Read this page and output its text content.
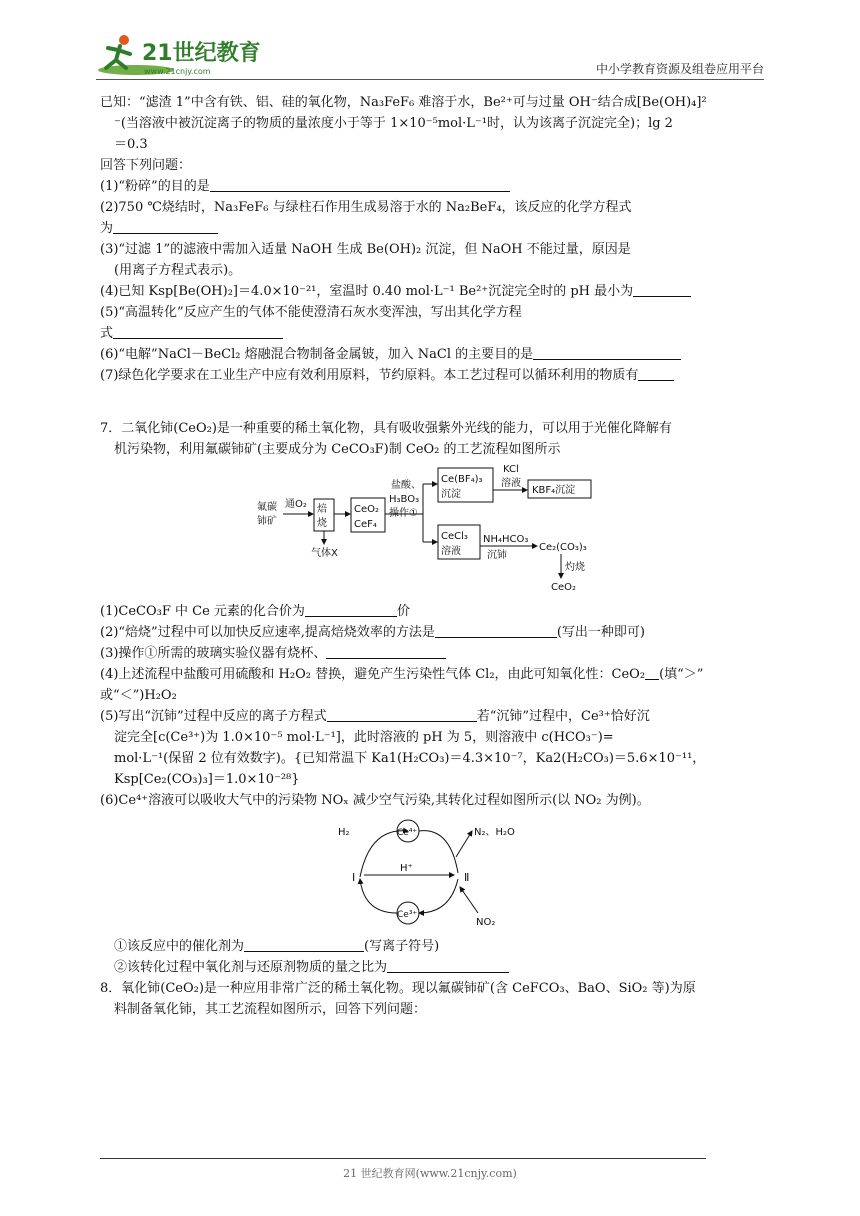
21世纪教育
www.21cnjy.com	中小学教育资源及组卷应用平台

已知：“滤渣 1”中含有铁、铝、硅的氧化物，Na₃FeF₆ 难溶于水，Be²⁺可与过量 OH⁻结合成[Be(OH)₄]²

⁻(当溶液中被沉淀离子的物质的量浓度小于等于 1×10⁻⁵mol·L⁻¹时，认为该离子沉淀完全)；lg 2

＝0.3

回答下列问题：

(1)“粉碎”的目的是

(2)750 ℃烧结时，Na₃FeF₆ 与绿柱石作用生成易溶于水的 Na₂BeF₄，该反应的化学方程式

为

(3)“过滤 1”的滤液中需加入适量 NaOH 生成 Be(OH)₂ 沉淀，但 NaOH 不能过量，原因是

(用离子方程式表示)。

(4)已知 Ksp[Be(OH)₂]＝4.0×10⁻²¹，室温时 0.40 mol·L⁻¹ Be²⁺沉淀完全时的 pH 最小为

(5)“高温转化”反应产生的气体不能使澄清石灰水变浑浊，写出其化学方程

式

(6)“电解”NaCl－BeCl₂ 熔融混合物制备金属铍，加入 NaCl 的主要目的是

(7)绿色化学要求在工业生产中应有效利用原料，节约原料。本工艺过程可以循环利用的物质有

7．二氧化铈(CeO₂)是一种重要的稀土氧化物，具有吸收强紫外光线的能力，可以用于光催化降解有

机污染物，利用氟碳铈矿(主要成分为 CeCO₃F)制 CeO₂ 的工艺流程如图所示

氟碳
铈矿
通O₂ 焙
烧
气体X
CeO₂
CeF₄
盐酸、
H₃BO₃
操作①
Ce(BF₄)₃
沉淀
KCl
溶液
KBF₄沉淀
CeCl₃
溶液
NH₄HCO₃
沉铈
Ce₂(CO₃)₃
灼烧
CeO₂

(1)CeCO₃F 中 Ce 元素的化合价为	价

(2)“焙烧”过程中可以加快反应速率,提高焙烧效率的方法是	(写出一种即可)

(3)操作①所需的玻璃实验仪器有烧杯、

(4)上述流程中盐酸可用硫酸和 H₂O₂ 替换，避免产生污染性气体 Cl₂，由此可知氧化性：CeO₂ (填“＞”

或“＜”)H₂O₂

(5)写出“沉铈”过程中反应的离子方程式	若“沉铈”过程中，Ce³⁺恰好沉

淀完全[c(Ce³⁺)为 1.0×10⁻⁵ mol·L⁻¹]，此时溶液的 pH 为 5，则溶液中 c(HCO₃⁻)=

mol·L⁻¹(保留 2 位有效数字)。{已知常温下 Ka1(H₂CO₃)＝4.3×10⁻⁷，Ka2(H₂CO₃)＝5.6×10⁻¹¹，

Ksp[Ce₂(CO₃)₃]＝1.0×10⁻²⁸}

(6)Ce⁴⁺溶液可以吸收大气中的污染物 NOₓ 减少空气污染,其转化过程如图所示(以 NO₂ 为例)。

H₂	Ce⁴⁺	N₂、H₂O
Ⅰ	Ⅱ
H⁺
Ce³⁺
NO₂

①该反应中的催化剂为	(写离子符号)

②该转化过程中氧化剂与还原剂物质的量之比为

8．氧化铈(CeO₂)是一种应用非常广泛的稀土氧化物。现以氟碳铈矿(含 CeFCO₃、BaO、SiO₂ 等)为原

料制备氧化铈，其工艺流程如图所示，回答下列问题：

21 世纪教育网(www.21cnjy.com)
